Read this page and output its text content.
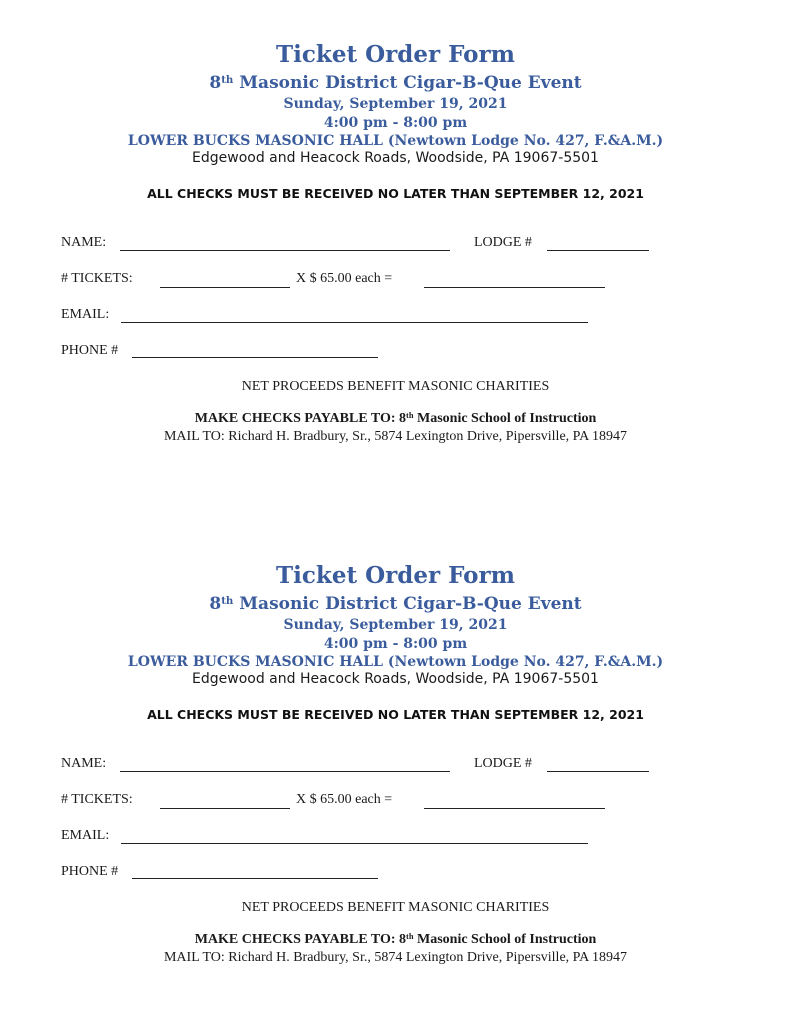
Ticket Order Form
8th Masonic District Cigar-B-Que Event
Sunday, September 19, 2021
4:00 pm - 8:00 pm
LOWER BUCKS MASONIC HALL (Newtown Lodge No. 427, F.&A.M.)
Edgewood and Heacock Roads, Woodside, PA 19067-5501
ALL CHECKS MUST BE RECEIVED NO LATER THAN SEPTEMBER 12, 2021
NAME:	LODGE #
# TICKETS:	X $ 65.00 each =
EMAIL:
PHONE #
NET PROCEEDS BENEFIT MASONIC CHARITIES
MAKE CHECKS PAYABLE TO: 8th Masonic School of Instruction
MAIL TO: Richard H. Bradbury, Sr., 5874 Lexington Drive, Pipersville, PA 18947
Ticket Order Form
8th Masonic District Cigar-B-Que Event
Sunday, September 19, 2021
4:00 pm - 8:00 pm
LOWER BUCKS MASONIC HALL (Newtown Lodge No. 427, F.&A.M.)
Edgewood and Heacock Roads, Woodside, PA 19067-5501
ALL CHECKS MUST BE RECEIVED NO LATER THAN SEPTEMBER 12, 2021
NAME:	LODGE #
# TICKETS:	X $ 65.00 each =
EMAIL:
PHONE #
NET PROCEEDS BENEFIT MASONIC CHARITIES
MAKE CHECKS PAYABLE TO: 8th Masonic School of Instruction
MAIL TO: Richard H. Bradbury, Sr., 5874 Lexington Drive, Pipersville, PA 18947
